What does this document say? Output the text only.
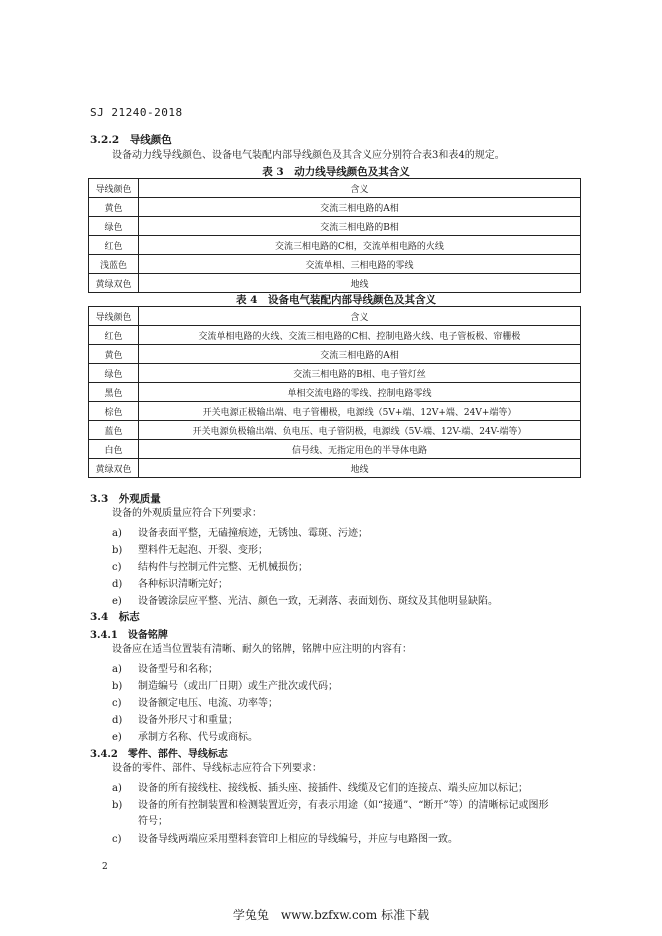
SJ 21240-2018
3.2.2　导线颜色
设备动力线导线颜色、设备电气装配内部导线颜色及其含义应分别符合表3和表4的规定。
表 3　动力线导线颜色及其含义
导线颜色	含义
黄色	交流三相电路的A相
绿色	交流三相电路的B相
红色	交流三相电路的C相，交流单相电路的火线
浅蓝色	交流单相、三相电路的零线
黄绿双色	地线
表 4　设备电气装配内部导线颜色及其含义
导线颜色	含义
红色	交流单相电路的火线、交流三相电路的C相、控制电路火线、电子管板极、帘栅极
黄色	交流三相电路的A相
绿色	交流三相电路的B相、电子管灯丝
黑色	单相交流电路的零线、控制电路零线
棕色	开关电源正极输出端、电子管栅极，电源线（5V+端、12V+端、24V+端等）
蓝色	开关电源负极输出端、负电压、电子管阴极，电源线（5V-端、12V-端、24V-端等）
白色	信号线、无指定用色的半导体电路
黄绿双色	地线
3.3　外观质量
设备的外观质量应符合下列要求：
a) 设备表面平整，无磕撞痕迹，无锈蚀、霉斑、污迹；
b) 塑料件无起泡、开裂、变形；
c) 结构件与控制元件完整、无机械损伤；
d) 各种标识清晰完好；
e) 设备镀涂层应平整、光洁、颜色一致，无剥落、表面划伤、斑纹及其他明显缺陷。
3.4　标志
3.4.1　设备铭牌
设备应在适当位置装有清晰、耐久的铭牌，铭牌中应注明的内容有：
a) 设备型号和名称；
b) 制造编号（或出厂日期）或生产批次或代码；
c) 设备额定电压、电流、功率等；
d) 设备外形尺寸和重量；
e) 承制方名称、代号或商标。
3.4.2　零件、部件、导线标志
设备的零件、部件、导线标志应符合下列要求：
a) 设备的所有接线柱、接线板、插头座、接插件、线缆及它们的连接点、端头应加以标记；
b) 设备的所有控制装置和检测装置近旁，有表示用途（如“接通”、“断开”等）的清晰标记或图形
符号；
c) 设备导线两端应采用塑料套管印上相应的导线编号，并应与电路图一致。
2
学兔兔　www.bzfxw.com 标准下载
